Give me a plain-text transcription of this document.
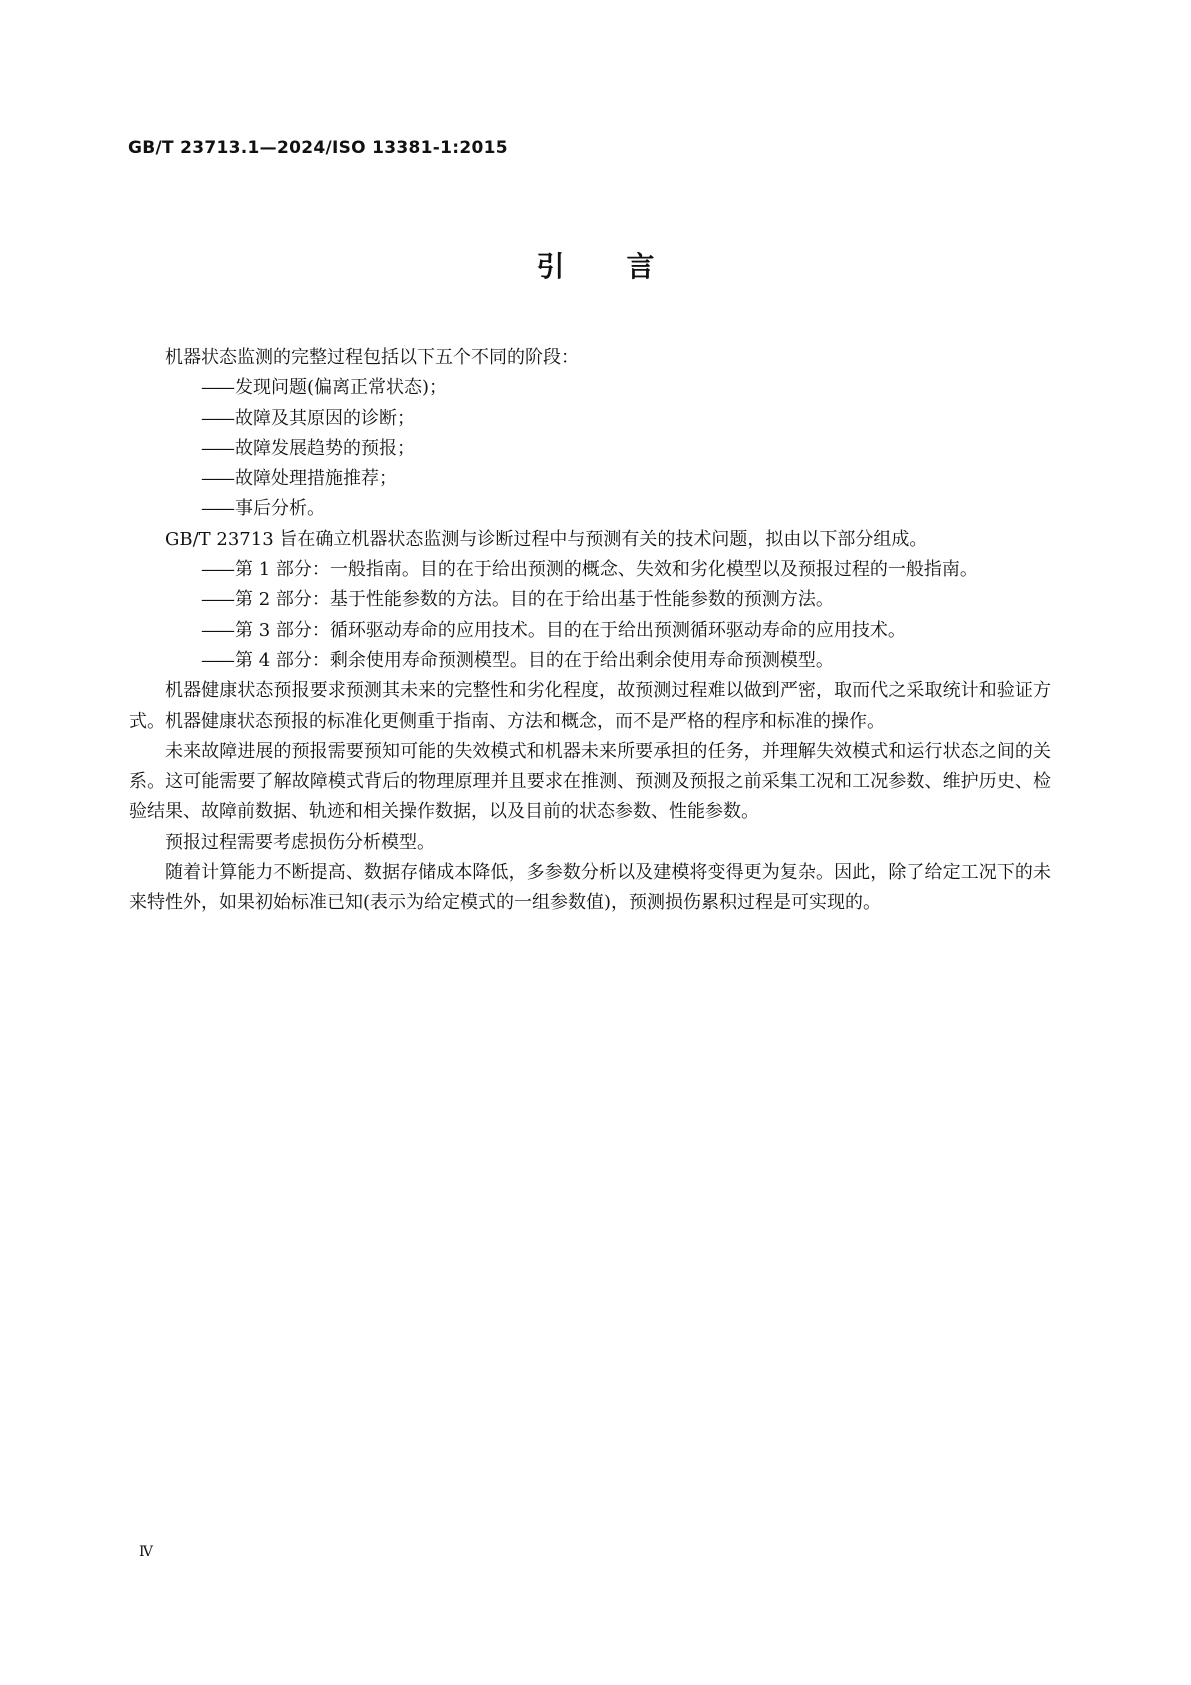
GB/T 23713.1—2024/ISO 13381-1:2015
引言
机器状态监测的完整过程包括以下五个不同的阶段：
—— 发现问题(偏离正常状态)；
—— 故障及其原因的诊断；
—— 故障发展趋势的预报；
—— 故障处理措施推荐；
—— 事后分析。
GB/T 23713 旨在确立机器状态监测与诊断过程中与预测有关的技术问题，拟由以下部分组成。
—— 第 1 部分：一般指南。目的在于给出预测的概念、失效和劣化模型以及预报过程的一般指南。
—— 第 2 部分：基于性能参数的方法。目的在于给出基于性能参数的预测方法。
—— 第 3 部分：循环驱动寿命的应用技术。目的在于给出预测循环驱动寿命的应用技术。
—— 第 4 部分：剩余使用寿命预测模型。目的在于给出剩余使用寿命预测模型。
机器健康状态预报要求预测其未来的完整性和劣化程度，故预测过程难以做到严密，取而代之采取统计和验证方式。机器健康状态预报的标准化更侧重于指南、方法和概念，而不是严格的程序和标准的操作。
未来故障进展的预报需要预知可能的失效模式和机器未来所要承担的任务，并理解失效模式和运行状态之间的关系。这可能需要了解故障模式背后的物理原理并且要求在推测、预测及预报之前采集工况和工况参数、维护历史、检验结果、故障前数据、轨迹和相关操作数据，以及目前的状态参数、性能参数。
预报过程需要考虑损伤分析模型。
随着计算能力不断提高、数据存储成本降低，多参数分析以及建模将变得更为复杂。因此，除了给定工况下的未来特性外，如果初始标准已知(表示为给定模式的一组参数值)，预测损伤累积过程是可实现的。
Ⅳ
